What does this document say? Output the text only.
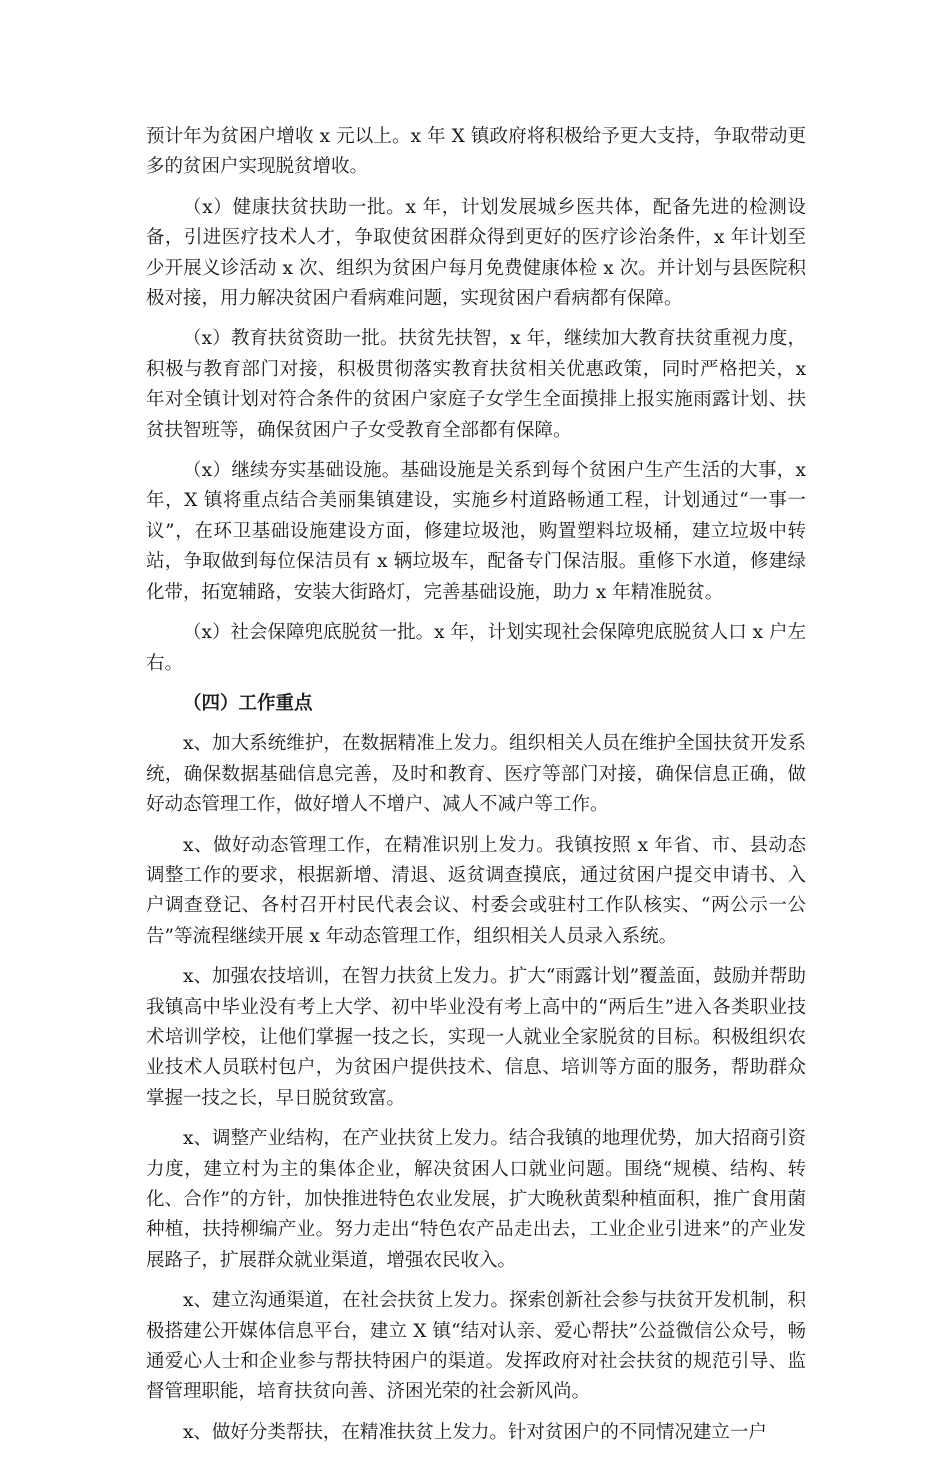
预计年为贫困户增收 x 元以上。x 年 X 镇政府将积极给予更大支持，争取带动更多的贫困户实现脱贫增收。

（x）健康扶贫扶助一批。x 年，计划发展城乡医共体，配备先进的检测设备，引进医疗技术人才，争取使贫困群众得到更好的医疗诊治条件，x 年计划至少开展义诊活动 x 次、组织为贫困户每月免费健康体检 x 次。并计划与县医院积极对接，用力解决贫困户看病难问题，实现贫困户看病都有保障。

（x）教育扶贫资助一批。扶贫先扶智，x 年，继续加大教育扶贫重视力度，积极与教育部门对接，积极贯彻落实教育扶贫相关优惠政策，同时严格把关，x 年对全镇计划对符合条件的贫困户家庭子女学生全面摸排上报实施雨露计划、扶贫扶智班等，确保贫困户子女受教育全部都有保障。

（x）继续夯实基础设施。基础设施是关系到每个贫困户生产生活的大事，x 年，X 镇将重点结合美丽集镇建设，实施乡村道路畅通工程，计划通过“一事一议”，在环卫基础设施建设方面，修建垃圾池，购置塑料垃圾桶，建立垃圾中转站，争取做到每位保洁员有 x 辆垃圾车，配备专门保洁服。重修下水道，修建绿化带，拓宽辅路，安装大街路灯，完善基础设施，助力 x 年精准脱贫。

（x）社会保障兜底脱贫一批。x 年，计划实现社会保障兜底脱贫人口 x 户左右。

（四）工作重点

x、加大系统维护，在数据精准上发力。组织相关人员在维护全国扶贫开发系统，确保数据基础信息完善，及时和教育、医疗等部门对接，确保信息正确，做好动态管理工作，做好增人不增户、减人不减户等工作。

x、做好动态管理工作，在精准识别上发力。我镇按照 x 年省、市、县动态调整工作的要求，根据新增、清退、返贫调查摸底，通过贫困户提交申请书、入户调查登记、各村召开村民代表会议、村委会或驻村工作队核实、“两公示一公告”等流程继续开展 x 年动态管理工作，组织相关人员录入系统。

x、加强农技培训，在智力扶贫上发力。扩大“雨露计划”覆盖面，鼓励并帮助我镇高中毕业没有考上大学、初中毕业没有考上高中的“两后生”进入各类职业技术培训学校，让他们掌握一技之长，实现一人就业全家脱贫的目标。积极组织农业技术人员联村包户，为贫困户提供技术、信息、培训等方面的服务，帮助群众掌握一技之长，早日脱贫致富。

x、调整产业结构，在产业扶贫上发力。结合我镇的地理优势，加大招商引资力度，建立村为主的集体企业，解决贫困人口就业问题。围绕“规模、结构、转化、合作”的方针，加快推进特色农业发展，扩大晚秋黄梨种植面积，推广食用菌种植，扶持柳编产业。努力走出“特色农产品走出去，工业企业引进来”的产业发展路子，扩展群众就业渠道，增强农民收入。

x、建立沟通渠道，在社会扶贫上发力。探索创新社会参与扶贫开发机制，积极搭建公开媒体信息平台，建立 X 镇“结对认亲、爱心帮扶”公益微信公众号，畅通爱心人士和企业参与帮扶特困户的渠道。发挥政府对社会扶贫的规范引导、监督管理职能，培育扶贫向善、济困光荣的社会新风尚。

x、做好分类帮扶，在精准扶贫上发力。针对贫困户的不同情况建立一户
